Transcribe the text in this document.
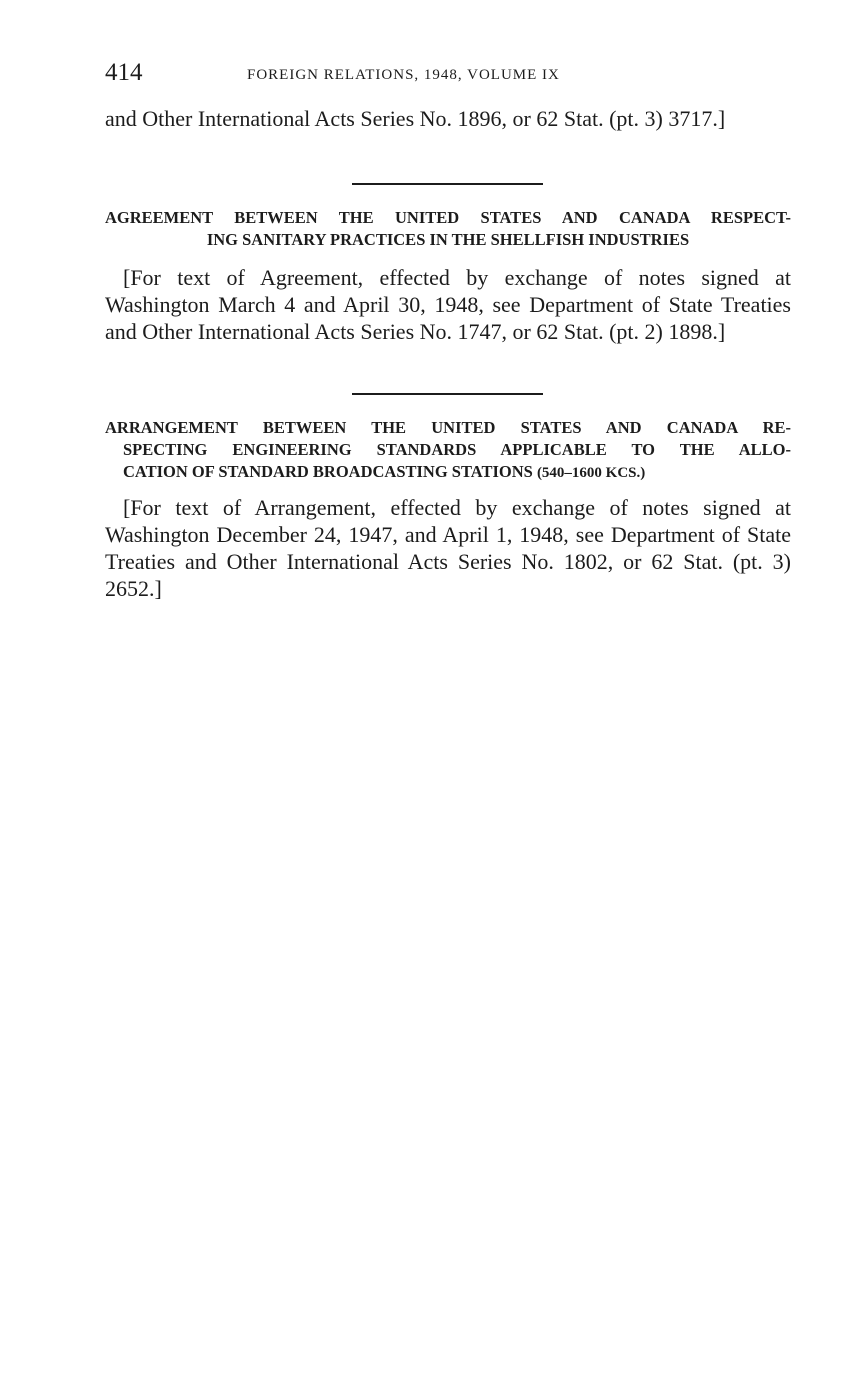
414	FOREIGN RELATIONS, 1948, VOLUME IX

and Other International Acts Series No. 1896, or 62 Stat. (pt. 3) 3717.]

AGREEMENT BETWEEN THE UNITED STATES AND CANADA RESPECT-
ING SANITARY PRACTICES IN THE SHELLFISH INDUSTRIES

[For text of Agreement, effected by exchange of notes signed at Washington March 4 and April 30, 1948, see Department of State Treaties and Other International Acts Series No. 1747, or 62 Stat. (pt. 2) 1898.]

ARRANGEMENT BETWEEN THE UNITED STATES AND CANADA RE-
SPECTING ENGINEERING STANDARDS APPLICABLE TO THE ALLO-
CATION OF STANDARD BROADCASTING STATIONS (540–1600 KCS.)

[For text of Arrangement, effected by exchange of notes signed at Washington December 24, 1947, and April 1, 1948, see Department of State Treaties and Other International Acts Series No. 1802, or 62 Stat. (pt. 3) 2652.]
